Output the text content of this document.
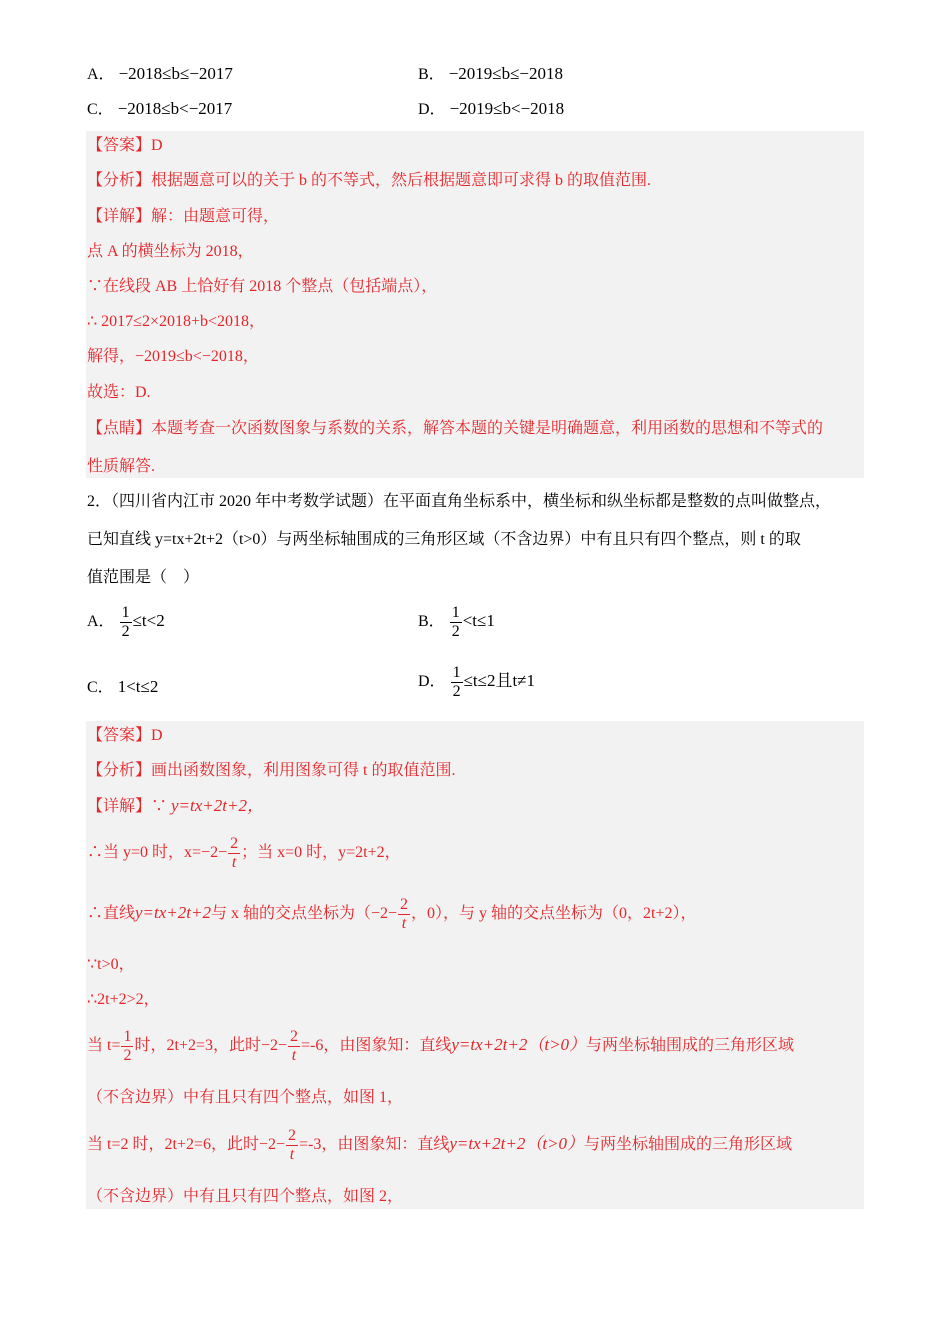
A． −2018≤b≤−2017	B． −2019≤b≤−2018
C． −2018≤b<−2017	D． −2019≤b<−2018
【答案】D
【分析】根据题意可以的关于 b 的不等式，然后根据题意即可求得 b 的取值范围.
【详解】解：由题意可得，
点 A 的横坐标为 2018，
∵在线段 AB 上恰好有 2018 个整点（包括端点），
∴ 2017≤2×2018+b<2018，
解得，−2019≤b<−2018，
故选：D.
【点睛】本题考查一次函数图象与系数的关系，解答本题的关键是明确题意，利用函数的思想和不等式的
性质解答.
2．（四川省内江市 2020 年中考数学试题）在平面直角坐标系中，横坐标和纵坐标都是整数的点叫做整点，
已知直线 y=tx+2t+2（t>0）与两坐标轴围成的三角形区域（不含边界）中有且只有四个整点，则 t 的取
值范围是（　）
A． $\frac{1}{2} \le t<2$	B． $\frac{1}{2} <t\le 1$
C． 1<t≤2	D． $\frac{1}{2} \le t\le 2$且t≠1
【答案】D
【分析】画出函数图象，利用图象可得 t 的取值范围.
【详解】∵ y=tx+2t+2，
∴当 y=0 时，$x=-2- \frac{2}{t}$ ；当 x=0 时，y=2t+2，
∴直线y=tx+2t+2与 x 轴的交点坐标为（$-2- \frac{2}{t}$ ，0），与 y 轴的交点坐标为（0，2t+2），
∵t>0，
∴2t+2>2，
当 $t= \frac{1}{2}$ 时，2t+2=3，此时$-2- \frac{2}{t} =-6$，由图象知：直线y=tx+2t+2（t>0）与两坐标轴围成的三角形区域
（不含边界）中有且只有四个整点，如图 1，
当 t=2 时，2t+2=6，此时$-2- \frac{2}{t} =-3$，由图象知：直线y=tx+2t+2（t>0）与两坐标轴围成的三角形区域
（不含边界）中有且只有四个整点，如图 2，
